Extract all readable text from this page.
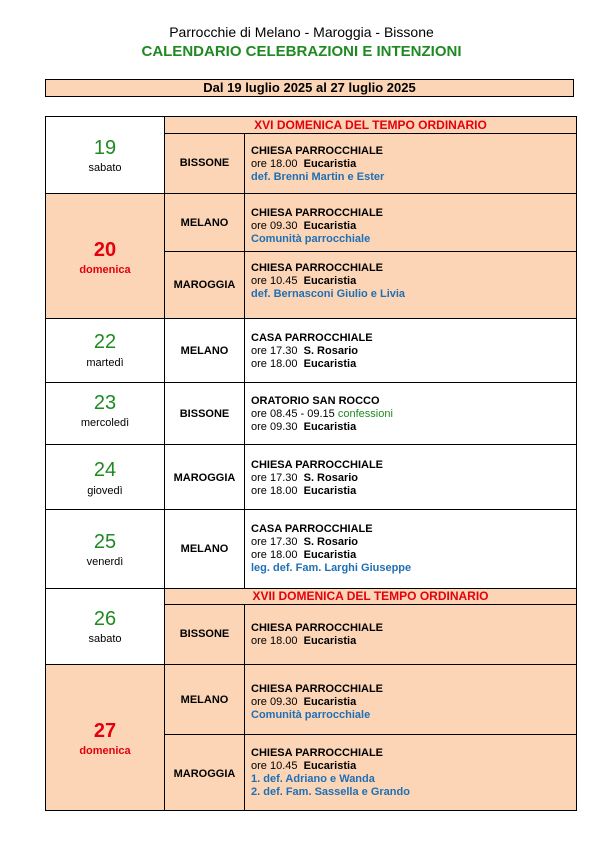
Parrocchie di Melano - Maroggia - Bissone
CALENDARIO CELEBRAZIONI E INTENZIONI
Dal 19 luglio 2025 al 27 luglio 2025
XVI DOMENICA DEL TEMPO ORDINARIO
XVII DOMENICA DEL TEMPO ORDINARIO
19
sabato
20
domenica
22
martedì
23
mercoledì
24
giovedì
25
venerdì
26
sabato
27
domenica
BISSONE
MELANO
MAROGGIA
MELANO
BISSONE
MAROGGIA
MELANO
BISSONE
MELANO
MAROGGIA
CHIESA PARROCCHIALE
ore 18.00 Eucaristia
def. Brenni Martin e Ester
CHIESA PARROCCHIALE
ore 09.30 Eucaristia
Comunità parrocchiale
CHIESA PARROCCHIALE
ore 10.45 Eucaristia
def. Bernasconi Giulio e Livia
CASA PARROCCHIALE
ore 17.30 S. Rosario
ore 18.00 Eucaristia
ORATORIO SAN ROCCO
ore 08.45 - 09.15 confessioni
ore 09.30 Eucaristia
CHIESA PARROCCHIALE
ore 17.30 S. Rosario
ore 18.00 Eucaristia
CASA PARROCCHIALE
ore 17.30 S. Rosario
ore 18.00 Eucaristia
leg. def. Fam. Larghi Giuseppe
CHIESA PARROCCHIALE
ore 18.00 Eucaristia
CHIESA PARROCCHIALE
ore 09.30 Eucaristia
Comunità parrocchiale
CHIESA PARROCCHIALE
ore 10.45 Eucaristia
1. def. Adriano e Wanda
2. def. Fam. Sassella e Grando
